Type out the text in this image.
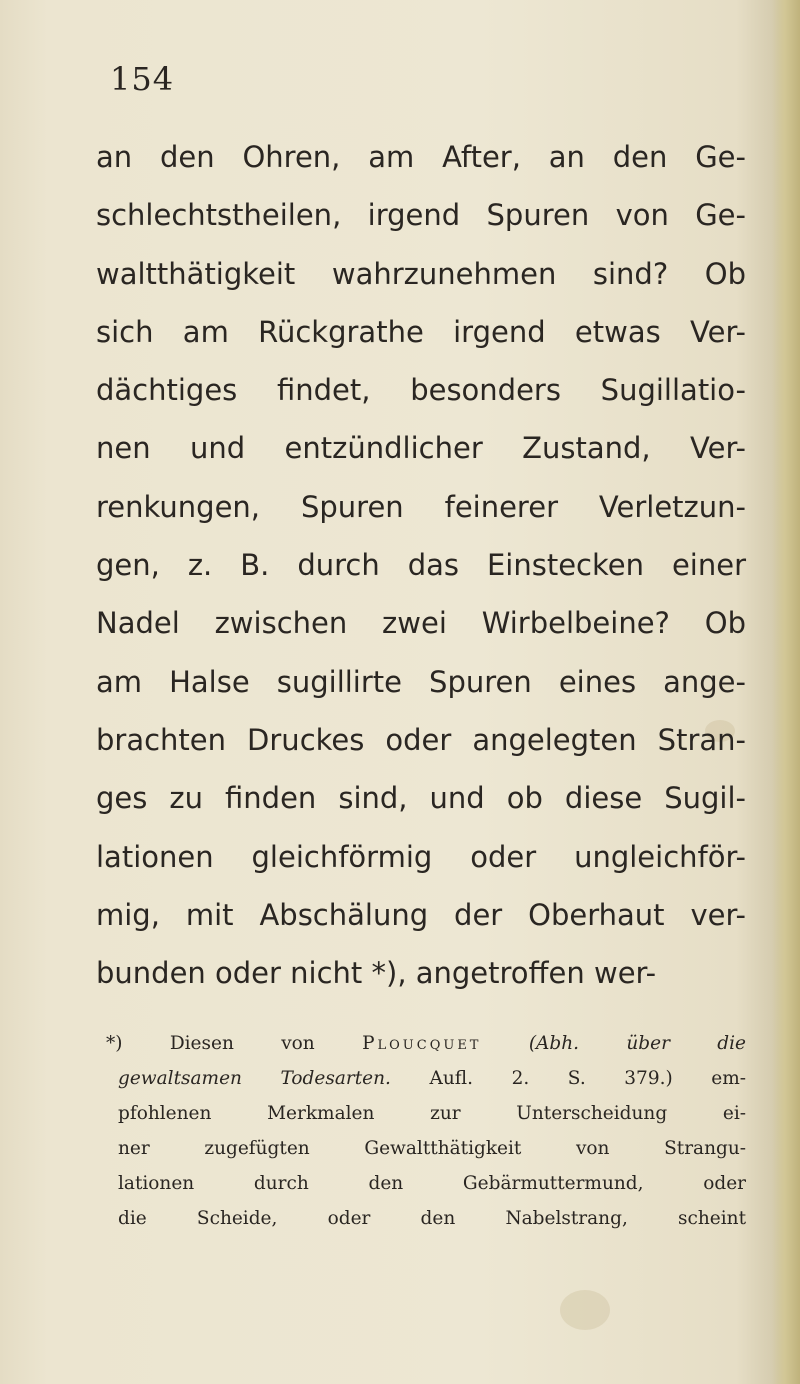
154
an den Ohren, am After, an den Ge-
schlechtstheilen, irgend Spuren von Ge-
waltthätigkeit wahrzunehmen sind? Ob
sich am Rückgrathe irgend etwas Ver-
dächtiges findet, besonders Sugillatio-
nen und entzündlicher Zustand, Ver-
renkungen, Spuren feinerer Verletzun-
gen, z. B. durch das Einstecken einer
Nadel zwischen zwei Wirbelbeine? Ob
am Halse sugillirte Spuren eines ange-
brachten Druckes oder angelegten Stran-
ges zu finden sind, und ob diese Sugil-
lationen gleichförmig oder ungleichför-
mig, mit Abschälung der Oberhaut ver-
bunden oder nicht *), angetroffen wer-
*)	Diesen von	Ploucquet	(Abh. über die
gewaltsamen Todesarten. Aufl. 2. S. 379.) em-
pfohlenen Merkmalen zur Unterscheidung ei-
ner zugefügten Gewaltthätigkeit von Strangu-
lationen durch den Gebärmuttermund, oder
die Scheide, oder den Nabelstrang, scheint
